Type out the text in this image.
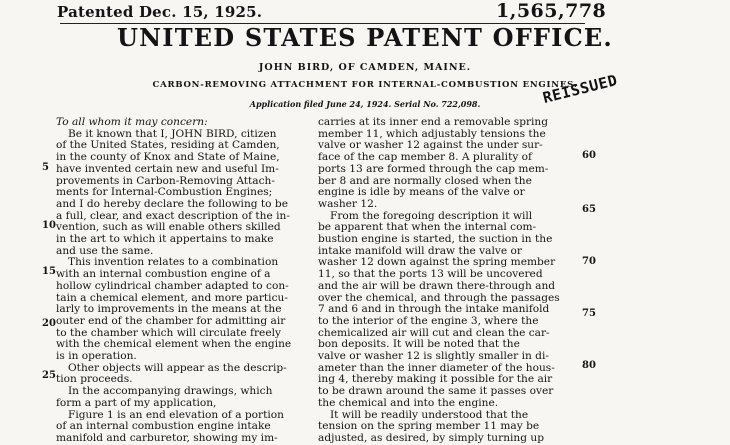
Patented Dec. 15, 1925.	1,565,778
UNITED STATES PATENT OFFICE.
JOHN BIRD, OF CAMDEN, MAINE.
CARBON-REMOVING ATTACHMENT FOR INTERNAL-COMBUSTION ENGINES.
Application filed June 24, 1924. Serial No. 722,098.	REISSUED

To all whom it may concern:

Be it known that I, JOHN BIRD, citizen

of the United States, residing at Camden,

in the county of Knox and State of Maine,

have invented certain new and useful Im-

provements in Carbon-Removing Attach-

ments for Internal-Combustion Engines;

and I do hereby declare the following to be

a full, clear, and exact description of the in-

vention, such as will enable others skilled

in the art to which it appertains to make

and use the same.

This invention relates to a combination

with an internal combustion engine of a

hollow cylindrical chamber adapted to con-

tain a chemical element, and more particu-

larly to improvements in the means at the

outer end of the chamber for admitting air

to the chamber which will circulate freely

with the chemical element when the engine

is in operation.

Other objects will appear as the descrip-

tion proceeds.

In the accompanying drawings, which

form a part of my application,

Figure 1 is an end elevation of a portion

of an internal combustion engine intake

manifold and carburetor, showing my im-

5
10
15
20
25

carries at its inner end a removable spring

member 11, which adjustably tensions the

valve or washer 12 against the under sur-

face of the cap member 8. A plurality of

ports 13 are formed through the cap mem-

ber 8 and are normally closed when the

engine is idle by means of the valve or

washer 12.

From the foregoing description it will

be apparent that when the internal com-

bustion engine is started, the suction in the

intake manifold will draw the valve or

washer 12 down against the spring member

11, so that the ports 13 will be uncovered

and the air will be drawn there-through and

over the chemical, and through the passages

7 and 6 and in through the intake manifold

to the interior of the engine 3, where the

chemicalized air will cut and clean the car-

bon deposits. It will be noted that the

valve or washer 12 is slightly smaller in di-

ameter than the inner diameter of the hous-

ing 4, thereby making it possible for the air

to be drawn around the same it passes over

the chemical and into the engine.

It will be readily understood that the

tension on the spring member 11 may be

adjusted, as desired, by simply turning up

60
65
70
75
80
